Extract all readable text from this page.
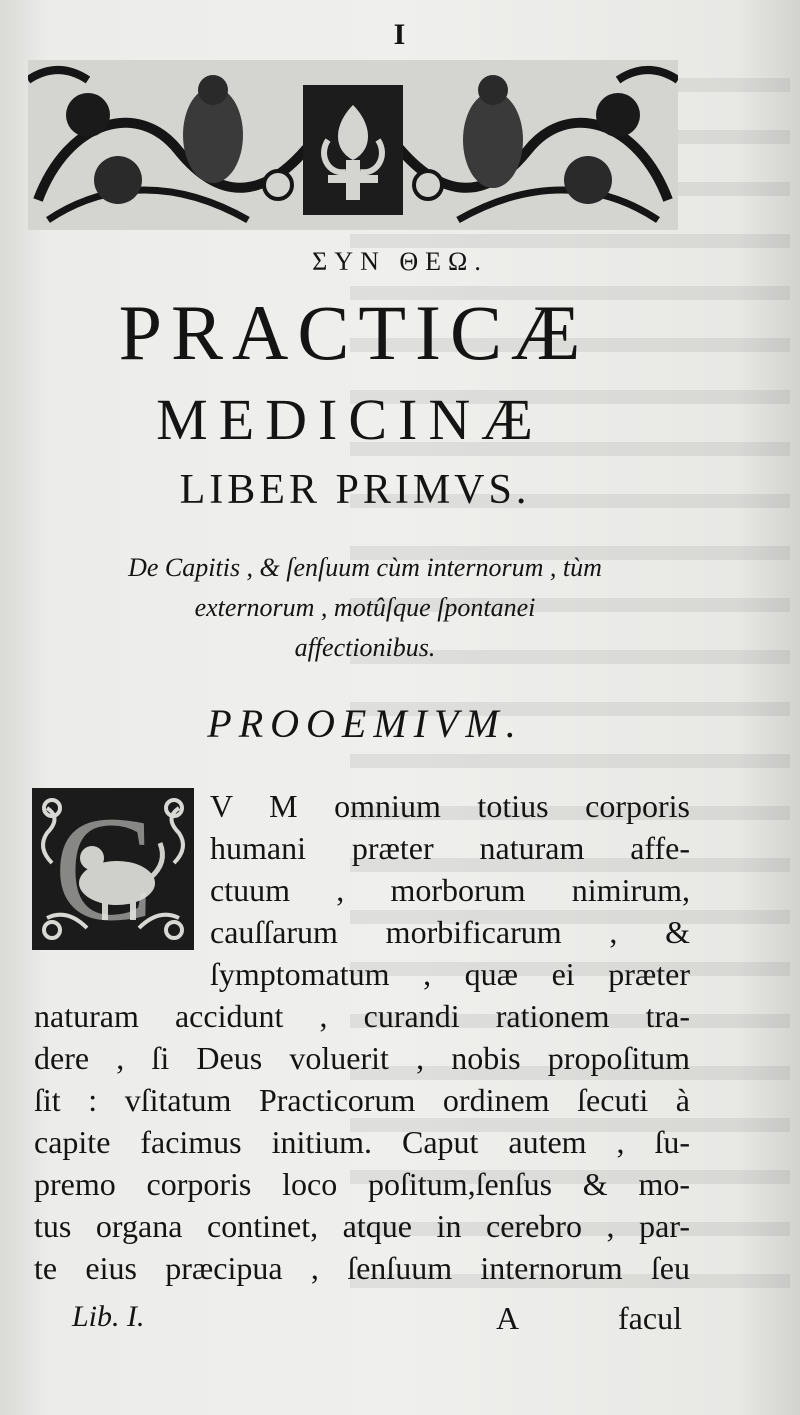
I
ΣΥΝ ΘΕΩ.
PRACTICÆ
MEDICINÆ
LIBER PRIMVS.
De Capitis , & ſenſuum cùm internorum , tùm
externorum , motûſque ſpontanei
affectionibus.
PROOEMIVM.
C V M omnium totius corporis
humani præter naturam affe-
ctuum , morborum nimirum,
cauſſarum morbificarum , &
ſymptomatum , quæ ei præter
naturam accidunt , curandi rationem tra-
dere , ſi Deus voluerit , nobis propoſitum
ſit : vſitatum Practicorum ordinem ſecuti à
capite facimus initium. Caput autem , ſu-
premo corporis loco poſitum,ſenſus & mo-
tus organa continet, atque in cerebro , par-
te eius præcipua , ſenſuum internorum ſeu
Lib. I.	A	facul
